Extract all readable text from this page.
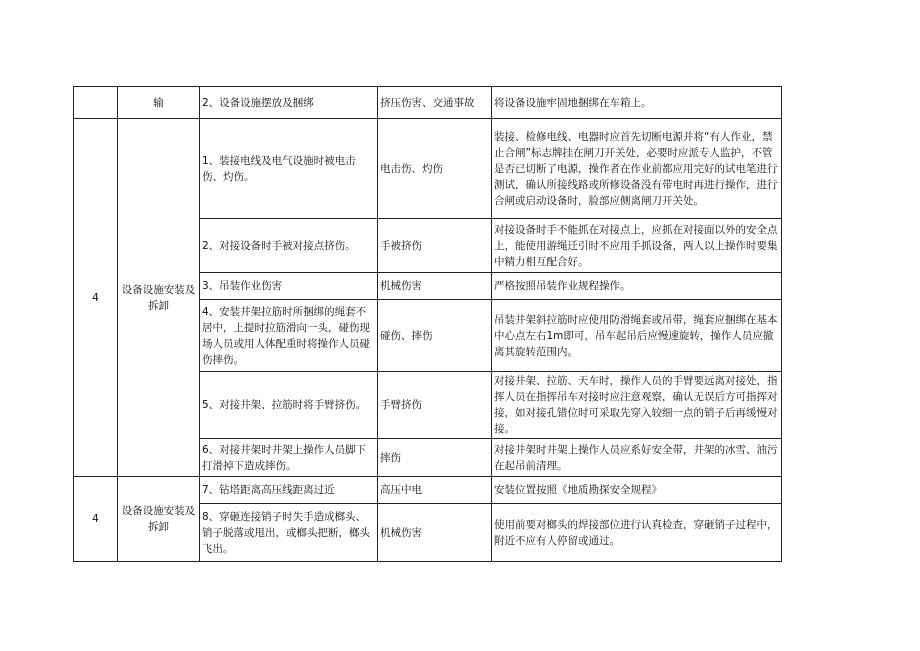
	输	2、设备设施摆放及捆绑	挤压伤害、交通事故	将设备设施牢固地捆绑在车箱上。
4	设备设施安装及拆卸	1、装接电线及电气设施时被电击伤、灼伤。	电击伤、灼伤	装接、检修电线、电器时应首先切断电源并将“有人作业，禁止合闸”标志牌挂在闸刀开关处，必要时应派专人监护，不管是否已切断了电源，操作者在作业前都应用完好的试电笔进行测试，确认所接线路或所修设备没有带电时再进行操作，进行合闸或启动设备时，脸部应侧离闸刀开关处。
		2、对接设备时手被对接点挤伤。	手被挤伤	对接设备时手不能抓在对接点上，应抓在对接面以外的安全点上，能使用游绳迁引时不应用手抓设备，两人以上操作时要集中精力相互配合好。
		3、吊装作业伤害	机械伤害	严格按照吊装作业规程操作。
		4、安装井架拉筋时所捆绑的绳套不居中，上提时拉筋滑向一头，碰伤现场人员或用人体配重时将操作人员碰伤摔伤。	碰伤、摔伤	吊装井架斜拉筋时应使用防滑绳套或吊带，绳套应捆绑在基本中心点左右1m即可，吊车起吊后应慢速旋转，操作人员应撤离其旋转范围内。
		5、对接井架、拉筋时将手臂挤伤。	手臂挤伤	对接井架、拉筋、天车时，操作人员的手臂要远离对接处，指挥人员在指挥吊车对接时应注意观察，确认无误后方可指挥对接，如对接孔错位时可采取先穿入较细一点的销子后再缓慢对接。
		6、对接井架时井架上操作人员脚下打滑掉下造成摔伤。	摔伤	对接井架时井架上操作人员应系好安全带，井架的冰雪、油污在起吊前清理。
4	设备设施安装及拆卸	7、钻塔距离高压线距离过近	高压中电	安装位置按照《地质勘探安全规程》
		8、穿砸连接销子时失手造成榔头、销子脱落或甩出，或榔头把断，榔头飞出。	机械伤害	使用前要对榔头的焊接部位进行认真检查，穿砸销子过程中，附近不应有人停留或通过。
